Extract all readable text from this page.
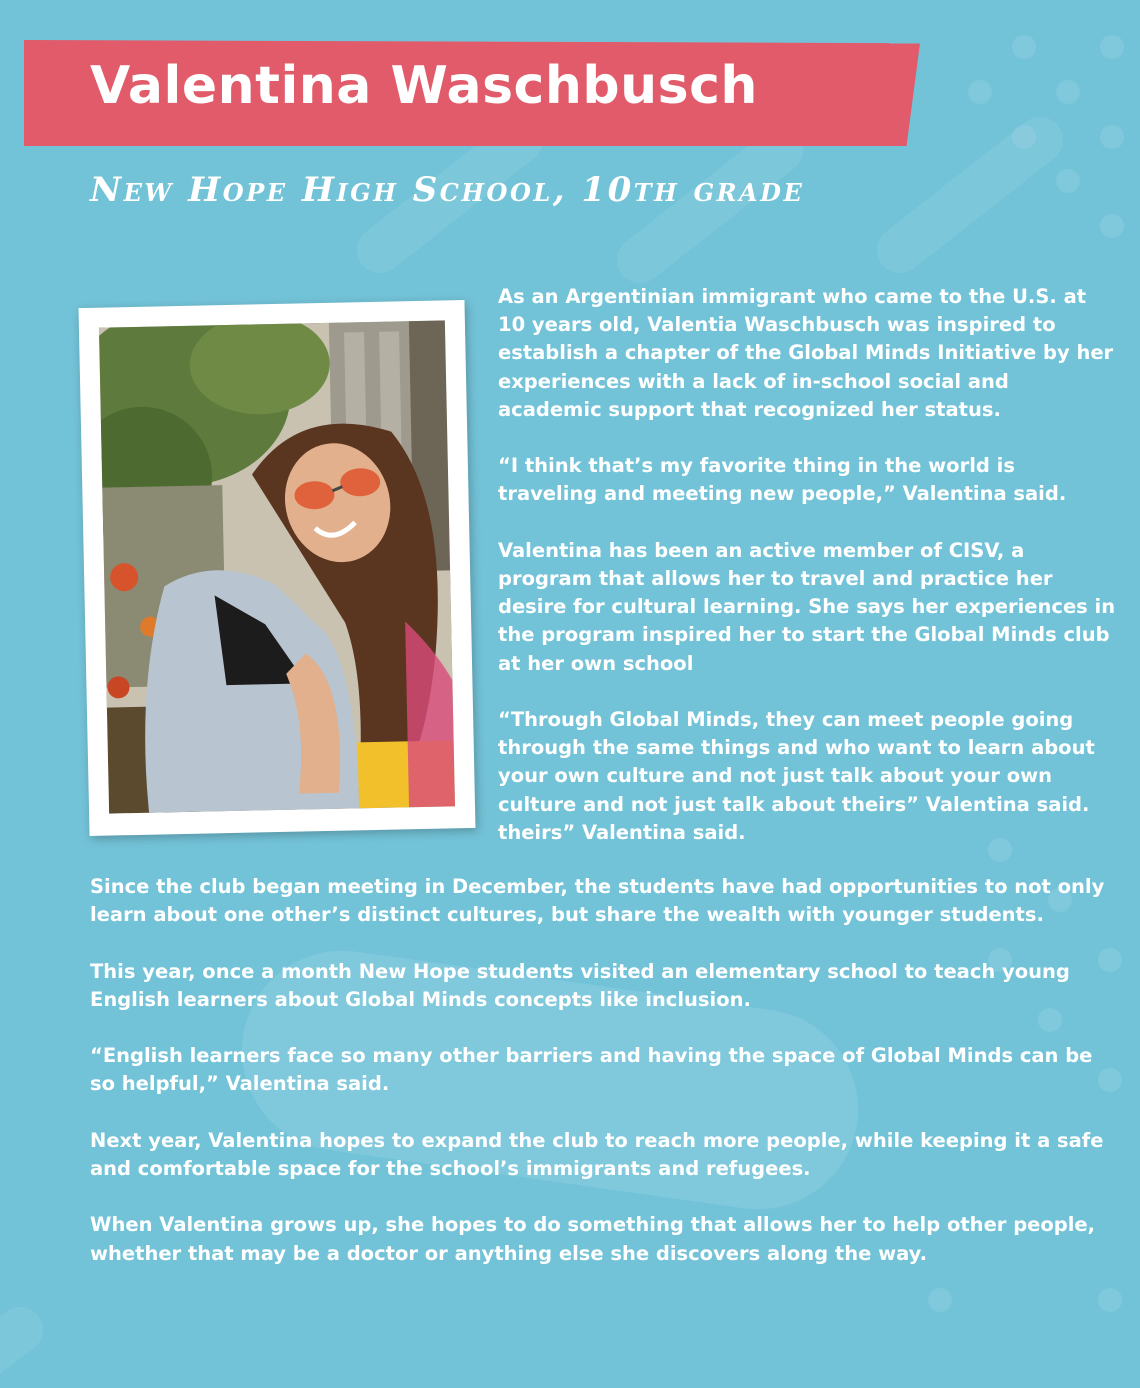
Valentina Waschbusch
New Hope High School, 10th grade

As an Argentinian immigrant who came to the U.S. at 10 years old, Valentia Waschbusch was inspired to establish a chapter of the Global Minds Initiative by her experiences with a lack of in-school social and academic support that recognized her status.

“I think that’s my favorite thing in the world is traveling and meeting new people,” Valentina said.

Valentina has been an active member of CISV, a program that allows her to travel and practice her desire for cultural learning. She says her experiences in the program inspired her to start the Global Minds club at her own school

“Through Global Minds, they can meet people going through the same things and who want to learn about your own culture and not just talk about your own culture and not just talk about theirs” Valentina said. theirs” Valentina said.

Since the club began meeting in December, the students have had opportunities to not only learn about one other’s distinct cultures, but share the wealth with younger students.

This year, once a month New Hope students visited an elementary school to teach young English learners about Global Minds concepts like inclusion.

“English learners face so many other barriers and having the space of Global Minds can be so helpful,” Valentina said.

Next year, Valentina hopes to expand the club to reach more people, while keeping it a safe and comfortable space for the school’s immigrants and refugees.

When Valentina grows up, she hopes to do something that allows her to help other people, whether that may be a doctor or anything else she discovers along the way.
